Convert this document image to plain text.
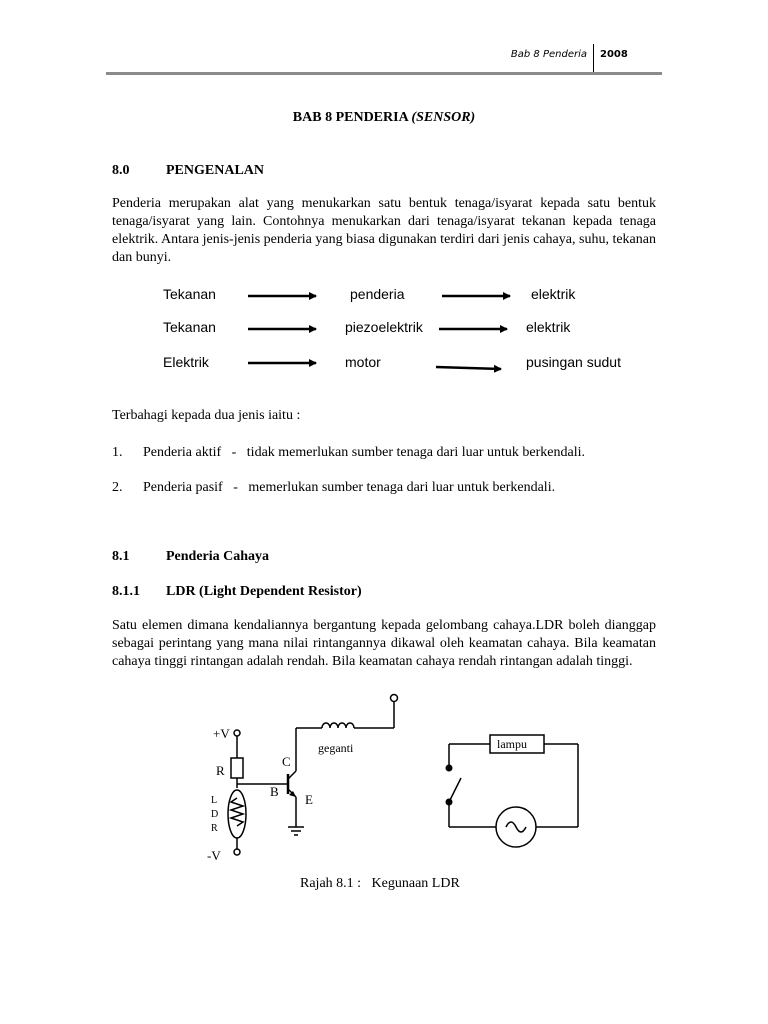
Bab 8 Penderia 2008
BAB 8 PENDERIA (SENSOR)
8.0	PENGENALAN

Penderia merupakan alat yang menukarkan satu bentuk tenaga/isyarat kepada satu bentuk tenaga/isyarat yang lain. Contohnya menukarkan dari tenaga/isyarat tekanan kepada tenaga elektrik. Antara jenis-jenis penderia yang biasa digunakan terdiri dari jenis cahaya, suhu, tekanan dan bunyi.

Tekanan	penderia	elektrik
Tekanan	piezoelektrik	elektrik
Elektrik	motor	pusingan sudut
Terbahagi kepada dua jenis iaitu :
1. Penderia aktif   -   tidak memerlukan sumber tenaga dari luar untuk berkendali.
2. Penderia pasif   -   memerlukan sumber tenaga dari luar untuk berkendali.
8.1	Penderia Cahaya
8.1.1 LDR (Light Dependent Resistor)

Satu elemen dimana kendaliannya bergantung kepada gelombang cahaya.LDR boleh dianggap sebagai perintang yang mana nilai rintangannya dikawal oleh keamatan cahaya. Bila keamatan cahaya tinggi rintangan adalah rendah. Bila keamatan cahaya rendah rintangan adalah tinggi.

+V
R
L
D
R
-V
C
B
E
geganti	lampu
Rajah 8.1 :   Kegunaan LDR
